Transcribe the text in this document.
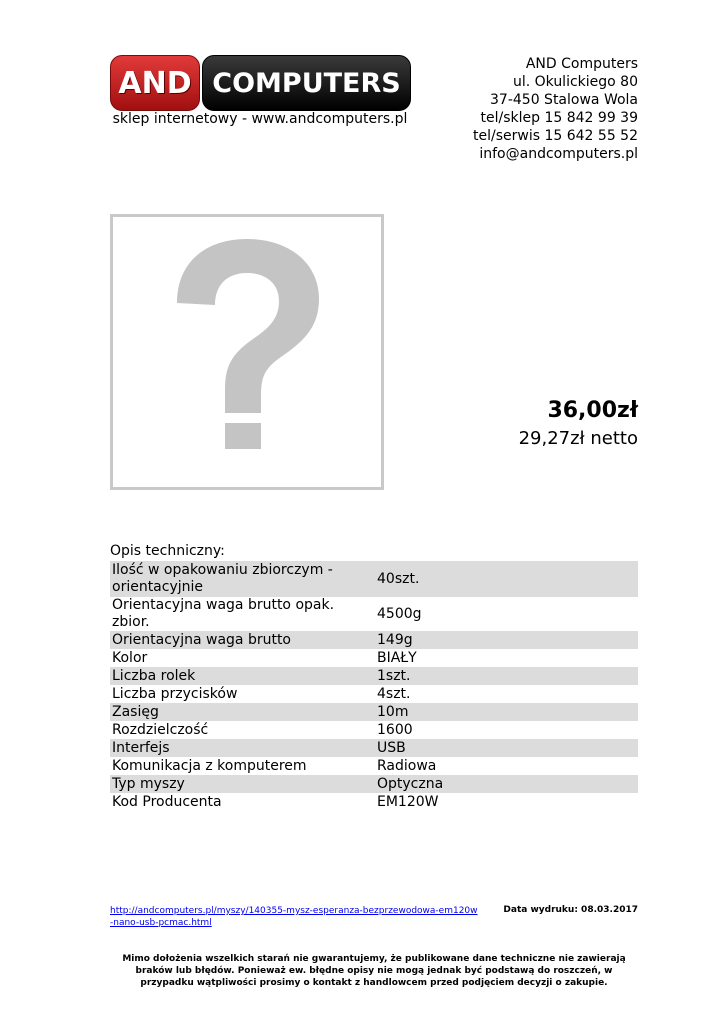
AND COMPUTERS
sklep internetowy - www.andcomputers.pl
AND Computers
ul. Okulickiego 80
37-450 Stalowa Wola
tel/sklep 15 842 99 39
tel/serwis 15 642 55 52
info@andcomputers.pl
36,00zł
29,27zł netto
Opis techniczny:
Ilość w opakowaniu zbiorczym - orientacyjnie	40szt.
Orientacyjna waga brutto opak. zbior.	4500g
Orientacyjna waga brutto	149g
Kolor	BIAŁY
Liczba rolek	1szt.
Liczba przycisków	4szt.
Zasięg	10m
Rozdzielczość	1600
Interfejs	USB
Komunikacja z komputerem	Radiowa
Typ myszy	Optyczna
Kod Producenta	EM120W
http://andcomputers.pl/myszy/140355-mysz-esperanza-bezprzewodowa-em120w-nano-usb-pcmac.html
Data wydruku: 08.03.2017
Mimo dołożenia wszelkich starań nie gwarantujemy, że publikowane dane techniczne nie zawierają braków lub błędów. Ponieważ ew. błędne opisy nie mogą jednak być podstawą do roszczeń, w przypadku wątpliwości prosimy o kontakt z handlowcem przed podjęciem decyzji o zakupie.
